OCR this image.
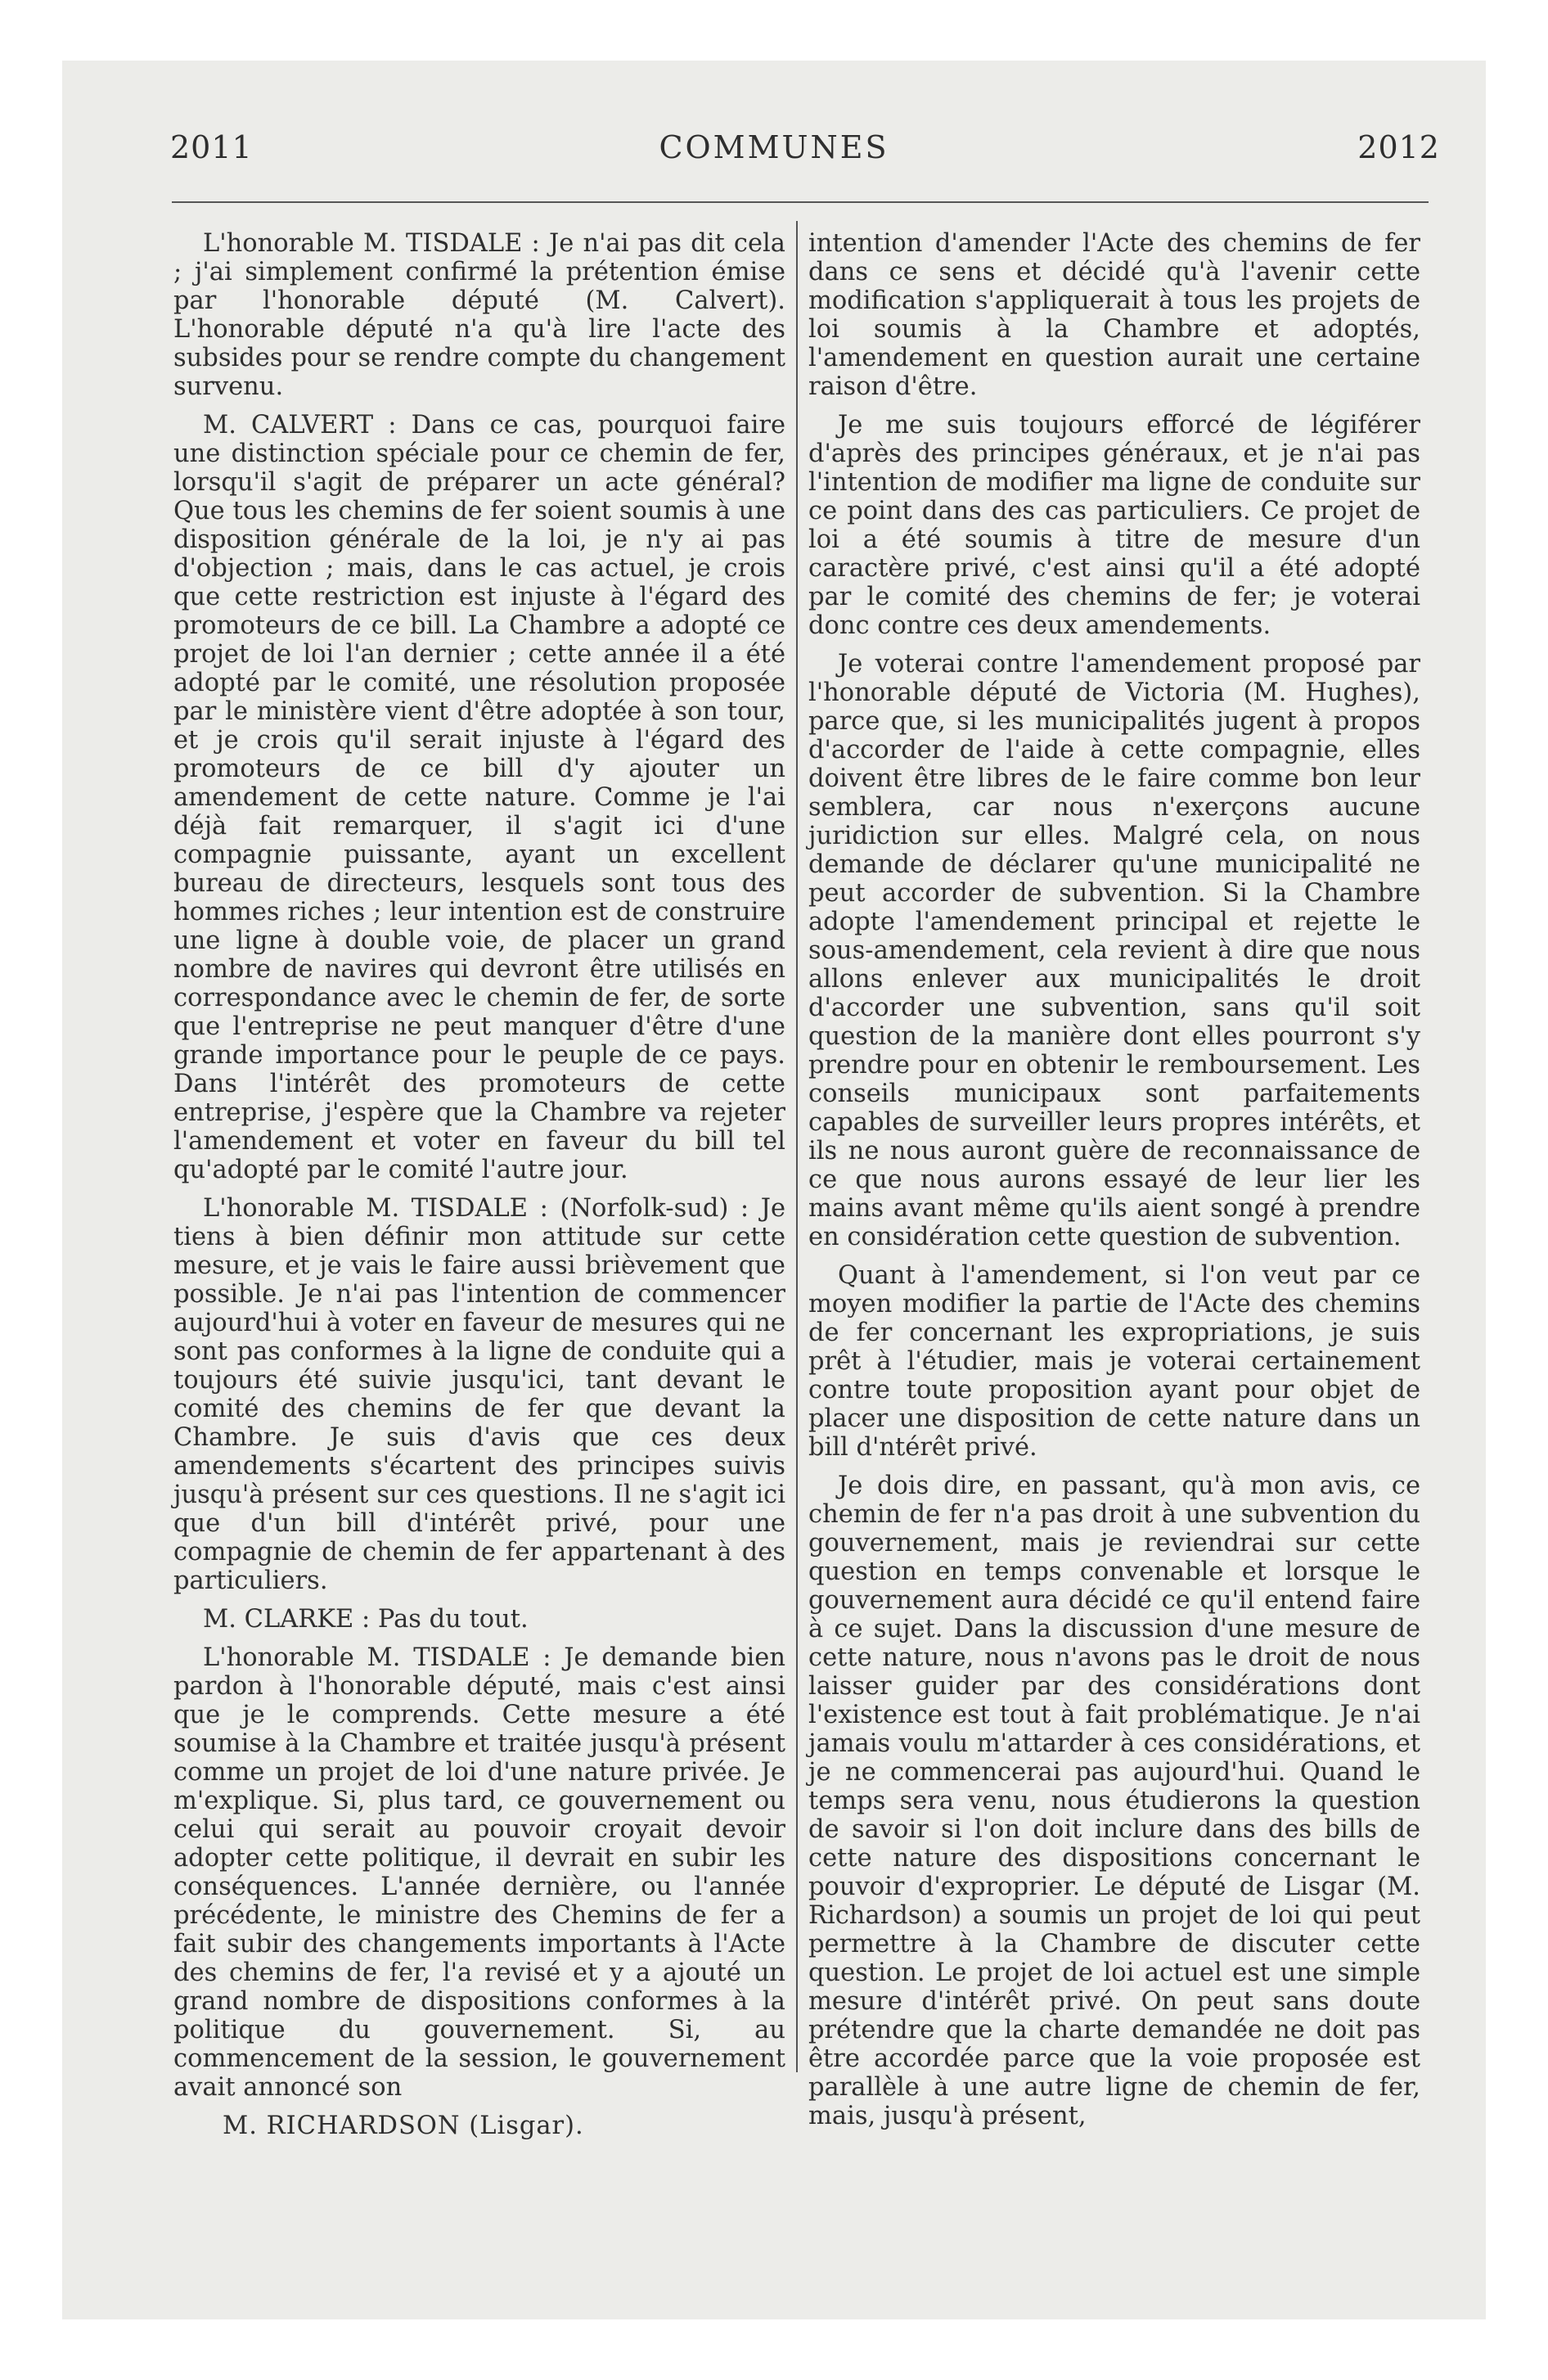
2011	COMMUNES	2012

L'honorable M. TISDALE : Je n'ai pas dit cela ; j'ai simplement confirmé la prétention émise par l'honorable député (M. Calvert). L'honorable député n'a qu'à lire l'acte des subsides pour se rendre compte du changement survenu.

M. CALVERT : Dans ce cas, pourquoi faire une distinction spéciale pour ce chemin de fer, lorsqu'il s'agit de préparer un acte général? Que tous les chemins de fer soient soumis à une disposition générale de la loi, je n'y ai pas d'objection ; mais, dans le cas actuel, je crois que cette restriction est injuste à l'égard des promoteurs de ce bill. La Chambre a adopté ce projet de loi l'an dernier ; cette année il a été adopté par le comité, une résolution proposée par le ministère vient d'être adoptée à son tour, et je crois qu'il serait injuste à l'égard des promoteurs de ce bill d'y ajouter un amendement de cette nature. Comme je l'ai déjà fait remarquer, il s'agit ici d'une compagnie puissante, ayant un excellent bureau de directeurs, lesquels sont tous des hommes riches ; leur intention est de construire une ligne à double voie, de placer un grand nombre de navires qui devront être utilisés en correspondance avec le chemin de fer, de sorte que l'entreprise ne peut manquer d'être d'une grande importance pour le peuple de ce pays. Dans l'intérêt des promoteurs de cette entreprise, j'espère que la Chambre va rejeter l'amendement et voter en faveur du bill tel qu'adopté par le comité l'autre jour.

L'honorable M. TISDALE : (Norfolk-sud) : Je tiens à bien définir mon attitude sur cette mesure, et je vais le faire aussi brièvement que possible. Je n'ai pas l'intention de commencer aujourd'hui à voter en faveur de mesures qui ne sont pas conformes à la ligne de conduite qui a toujours été suivie jusqu'ici, tant devant le comité des chemins de fer que devant la Chambre. Je suis d'avis que ces deux amendements s'écartent des principes suivis jusqu'à présent sur ces questions. Il ne s'agit ici que d'un bill d'intérêt privé, pour une compagnie de chemin de fer appartenant à des particuliers.

M. CLARKE : Pas du tout.

L'honorable M. TISDALE : Je demande bien pardon à l'honorable député, mais c'est ainsi que je le comprends. Cette mesure a été soumise à la Chambre et traitée jusqu'à présent comme un projet de loi d'une nature privée. Je m'explique. Si, plus tard, ce gouvernement ou celui qui serait au pouvoir croyait devoir adopter cette politique, il devrait en subir les conséquences. L'année dernière, ou l'année précédente, le ministre des Chemins de fer a fait subir des changements importants à l'Acte des chemins de fer, l'a revisé et y a ajouté un grand nombre de dispositions conformes à la politique du gouvernement. Si, au commencement de la session, le gouvernement avait annoncé son

M. RICHARDSON (Lisgar).

intention d'amender l'Acte des chemins de fer dans ce sens et décidé qu'à l'avenir cette modification s'appliquerait à tous les projets de loi soumis à la Chambre et adoptés, l'amendement en question aurait une certaine raison d'être.

Je me suis toujours efforcé de légiférer d'après des principes généraux, et je n'ai pas l'intention de modifier ma ligne de conduite sur ce point dans des cas particuliers. Ce projet de loi a été soumis à titre de mesure d'un caractère privé, c'est ainsi qu'il a été adopté par le comité des chemins de fer; je voterai donc contre ces deux amendements.

Je voterai contre l'amendement proposé par l'honorable député de Victoria (M. Hughes), parce que, si les municipalités jugent à propos d'accorder de l'aide à cette compagnie, elles doivent être libres de le faire comme bon leur semblera, car nous n'exerçons aucune juridiction sur elles. Malgré cela, on nous demande de déclarer qu'une municipalité ne peut accorder de subvention. Si la Chambre adopte l'amendement principal et rejette le sous-amendement, cela revient à dire que nous allons enlever aux municipalités le droit d'accorder une subvention, sans qu'il soit question de la manière dont elles pourront s'y prendre pour en obtenir le remboursement. Les conseils municipaux sont parfaitements capables de surveiller leurs propres intérêts, et ils ne nous auront guère de reconnaissance de ce que nous aurons essayé de leur lier les mains avant même qu'ils aient songé à prendre en considération cette question de subvention.

Quant à l'amendement, si l'on veut par ce moyen modifier la partie de l'Acte des chemins de fer concernant les expropriations, je suis prêt à l'étudier, mais je voterai certainement contre toute proposition ayant pour objet de placer une disposition de cette nature dans un bill d'ntérêt privé.

Je dois dire, en passant, qu'à mon avis, ce chemin de fer n'a pas droit à une subvention du gouvernement, mais je reviendrai sur cette question en temps convenable et lorsque le gouvernement aura décidé ce qu'il entend faire à ce sujet. Dans la discussion d'une mesure de cette nature, nous n'avons pas le droit de nous laisser guider par des considérations dont l'existence est tout à fait problématique. Je n'ai jamais voulu m'attarder à ces considérations, et je ne commencerai pas aujourd'hui. Quand le temps sera venu, nous étudierons la question de savoir si l'on doit inclure dans des bills de cette nature des dispositions concernant le pouvoir d'exproprier. Le député de Lisgar (M. Richardson) a soumis un projet de loi qui peut permettre à la Chambre de discuter cette question. Le projet de loi actuel est une simple mesure d'intérêt privé. On peut sans doute prétendre que la charte demandée ne doit pas être accordée parce que la voie proposée est parallèle à une autre ligne de chemin de fer, mais, jusqu'à présent,
